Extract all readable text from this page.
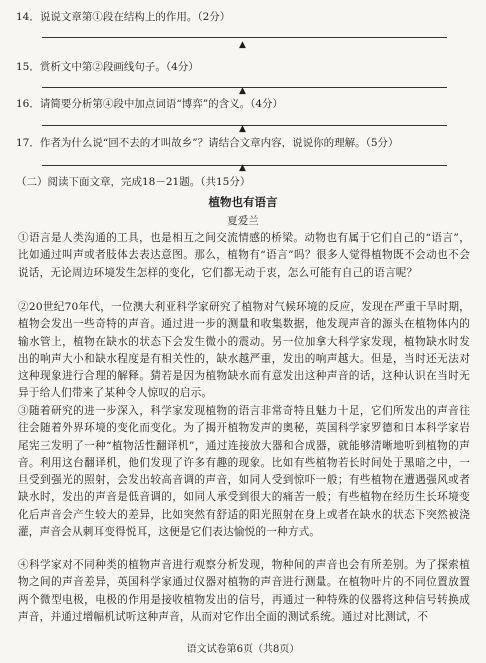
14．说说文章第①段在结构上的作用。（2分）
▲
15．赏析文中第②段画线句子。（4分）
▲
16．请简要分析第④段中加点词语“博弈”的含义。（4分）
▲
17．作者为什么说“回不去的才叫故乡”？请结合文章内容，说说你的理解。（5分）
▲
（二）阅读下面文章，完成18－21题。（共15分）
植物也有语言
夏爱兰
①语言是人类沟通的工具，也是相互之间交流情感的桥梁。动物也有属于它们自己的“语言”，比如通过叫声或者肢体去表达意图。那么，植物有“语言”吗？很多人觉得植物既不会动也不会说话，无论周边环境发生怎样的变化，它们都无动于衷，怎么可能有自己的语言呢？
②20世纪70年代，一位澳大利亚科学家研究了植物对气候环境的反应，发现在严重干旱时期，植物会发出一些奇特的声音。通过进一步的测量和收集数据，他发现声音的源头在植物体内的输水管上，植物在缺水的状态下会发生微小的震动。另一位加拿大科学家发现，植物缺水时发出的响声大小和缺水程度是有相关性的，缺水越严重，发出的响声越大。但是，当时还无法对这种现象进行合理的解释。猜若是因为植物缺水而有意发出这种声音的话，这种认识在当时无异于给人们带来了某种令人惊叹的启示。
③随着研究的进一步深入，科学家发现植物的语言非常奇特且魅力十足，它们所发出的声音往往会随着外界环境的变化而变化。为了揭开植物发声的奥秘，英国科学家罗德和日本科学家岩尾宪三发明了一种“植物活性翻译机”，通过连接放大器和合成器，就能够清晰地听到植物的声音。利用这台翻译机，他们发现了许多有趣的现象。比如有些植物若长时间处于黑暗之中，一旦受到强光的照射，会发出较高音调的声音，如同人受到惊吓一般；有些植物在遭遇强风或者缺水时，发出的声音是低音调的，如同人承受到很大的痛苦一般；有些植物在经历生长环境变化后声音会产生较大的差异，比如突然有舒适的阳光照射在身上或者在缺水的状态下突然被浇灌，声音会从刺耳变得悦耳，这便是它们表达愉悦的一种方式。
④科学家对不同种类的植物声音进行观察分析发现，物种间的声音也会有所差别。为了探索植物之间的声音差异，英国科学家通过仪器对植物的声音进行测量。在植物叶片的不同位置放置两个微型电极，电极的作用是接收植物发出的信号，再通过一种特殊的仪器将这种信号转换成声音，并通过增幅机试听这种声音，从而对它作出全面的测试系统。通过对比测试，不
语文试卷第6页（共8页）
